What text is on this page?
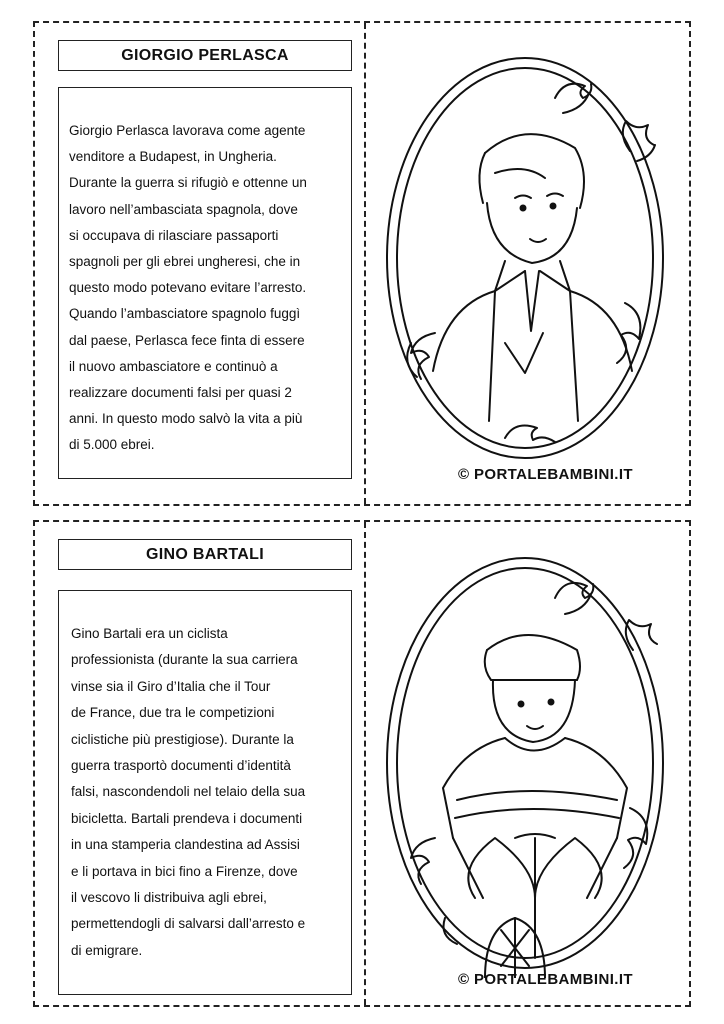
GIORGIO PERLASCA
Giorgio Perlasca lavorava come agente
venditore a Budapest, in Ungheria.
Durante la guerra si rifugiò e ottenne un
lavoro nell’ambasciata spagnola, dove
si occupava di rilasciare passaporti
spagnoli per gli ebrei ungheresi, che in
questo modo potevano evitare l’arresto.
Quando l’ambasciatore spagnolo fuggì
dal paese, Perlasca fece finta di essere
il nuovo ambasciatore e continuò a
realizzare documenti falsi per quasi 2
anni. In questo modo salvò la vita a più
di 5.000 ebrei.
© PORTALEBAMBINI.IT
GINO BARTALI
Gino Bartali era un ciclista
professionista (durante la sua carriera
vinse sia il Giro d’Italia che il Tour
de France, due tra le competizioni
ciclistiche più prestigiose). Durante la
guerra trasportò documenti d’identità
falsi, nascondendoli nel telaio della sua
bicicletta. Bartali prendeva i documenti
in una stamperia clandestina ad Assisi
e li portava in bici fino a Firenze, dove
il vescovo li distribuiva agli ebrei,
permettendogli di salvarsi dall’arresto e
di emigrare.
© PORTALEBAMBINI.IT
